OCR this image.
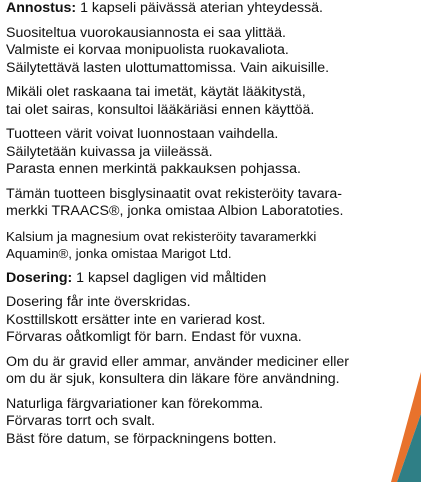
Annostus: 1 kapseli päivässä aterian yhteydessä.

Suositeltua vuorokausiannosta ei saa ylittää.
Valmiste ei korvaa monipuolista ruokavaliota.
Säilytettävä lasten ulottumattomissa. Vain aikuisille.

Mikäli olet raskaana tai imetät, käytät lääkitystä,
tai olet sairas, konsultoi lääkäriäsi ennen käyttöä.

Tuotteen värit voivat luonnostaan vaihdella.
Säilytetään kuivassa ja viileässä.
Parasta ennen merkintä pakkauksen pohjassa.

Tämän tuotteen bisglysinaatit ovat rekisteröity tavara-
merkki TRAACS®, jonka omistaa Albion Laboratoties.

Kalsium ja magnesium ovat rekisteröity tavaramerkki
Aquamin®, jonka omistaa Marigot Ltd.

Dosering: 1 kapsel dagligen vid måltiden

Dosering får inte överskridas.
Kosttillskott ersätter inte en varierad kost.
Förvaras oåtkomligt för barn. Endast för vuxna.

Om du är gravid eller ammar, använder mediciner eller
om du är sjuk, konsultera din läkare före användning.

Naturliga färgvariationer kan förekomma.
Förvaras torrt och svalt.
Bäst före datum, se förpackningens botten.
